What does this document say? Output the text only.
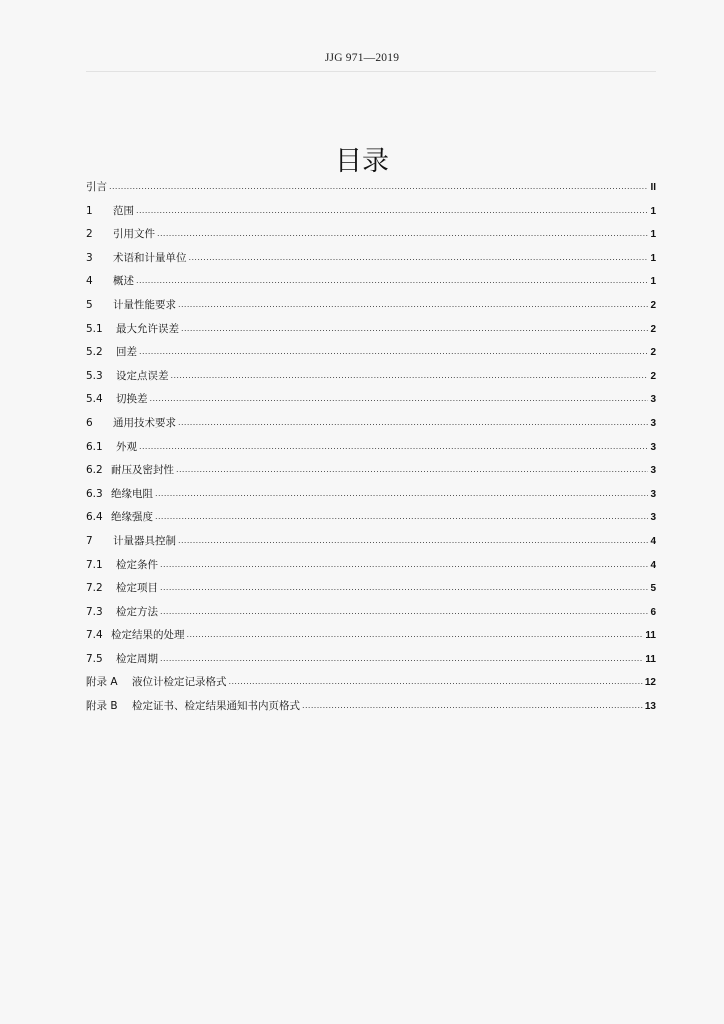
JJG 971—2019
目录
引言 .....	II
1	范围 .....	1
2	引用文件 .....	1
3	术语和计量单位 .....	1
4	概述 .....	1
5	计量性能要求 .....	2
5.1	最大允许误差 .....	2
5.2	回差 .....	2
5.3	设定点误差 .....	2
5.4	切换差 .....	3
6	通用技术要求 .....	3
6.1	外观 .....	3
6.2 耐压及密封性 .....	3
6.3 绝缘电阻 .....	3
6.4 绝缘强度 .....	3
7	计量器具控制 .....	4
7.1	检定条件 .....	4
7.2	检定项目 .....	5
7.3	检定方法 .....	6
7.4 检定结果的处理 .....	11
7.5	检定周期 .....	11
附录 A	液位计检定记录格式 .....	12
附录 B	检定证书、检定结果通知书内页格式 .....	13
